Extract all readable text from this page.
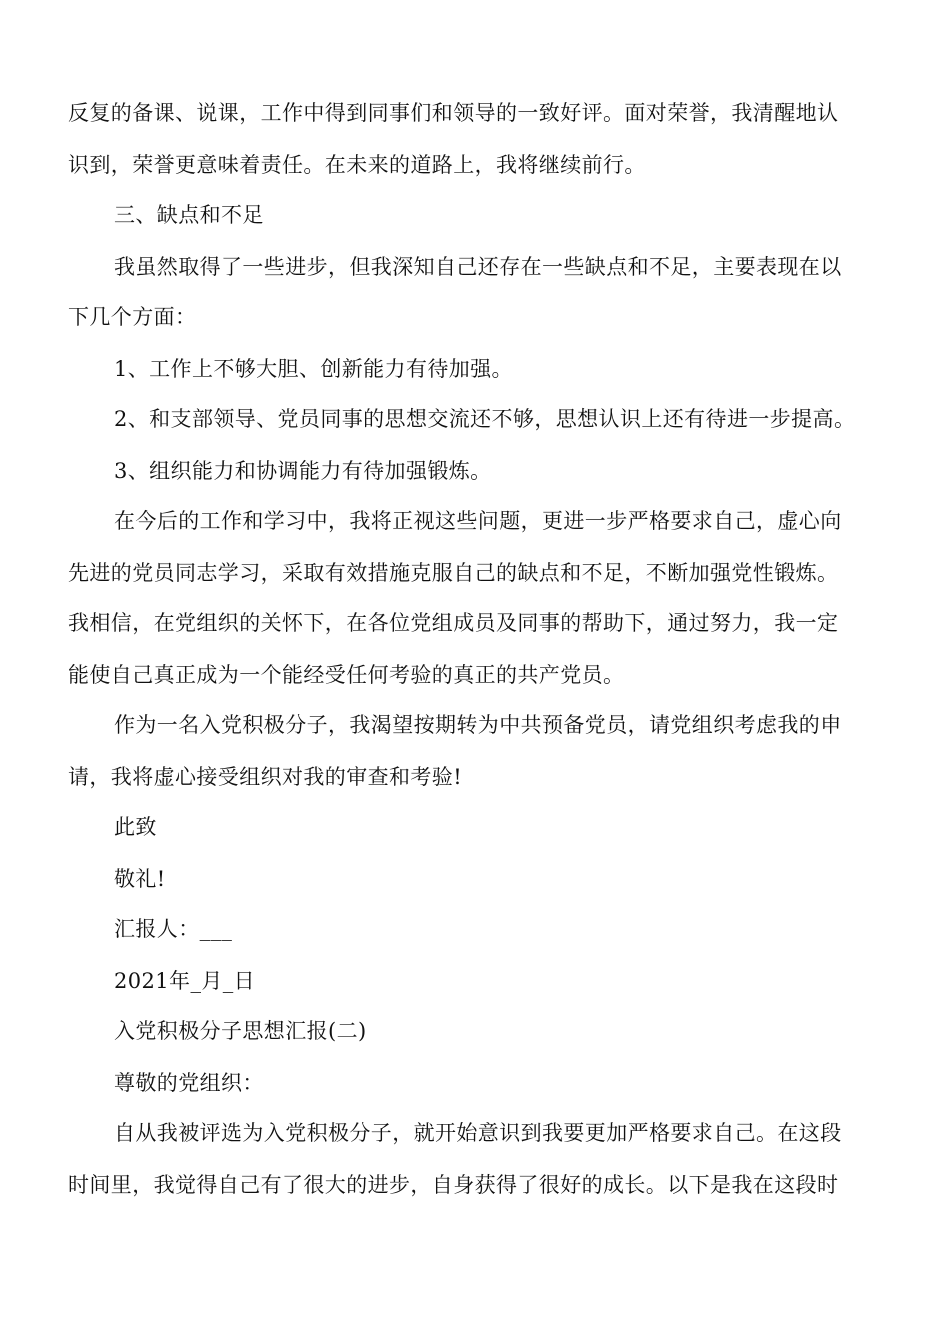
反复的备课、说课，工作中得到同事们和领导的一致好评。面对荣誉，我清醒地认
识到，荣誉更意味着责任。在未来的道路上，我将继续前行。
三、缺点和不足
我虽然取得了一些进步，但我深知自己还存在一些缺点和不足，主要表现在以
下几个方面：
1、工作上不够大胆、创新能力有待加强。
2、和支部领导、党员同事的思想交流还不够，思想认识上还有待进一步提高。
3、组织能力和协调能力有待加强锻炼。
在今后的工作和学习中，我将正视这些问题，更进一步严格要求自己，虚心向
先进的党员同志学习，采取有效措施克服自己的缺点和不足，不断加强党性锻炼。
我相信，在党组织的关怀下，在各位党组成员及同事的帮助下，通过努力，我一定
能使自己真正成为一个能经受任何考验的真正的共产党员。
作为一名入党积极分子，我渴望按期转为中共预备党员，请党组织考虑我的申
请，我将虚心接受组织对我的审查和考验!
此致
敬礼!
汇报人：___
2021年_月_日
入党积极分子思想汇报(二)
尊敬的党组织：
自从我被评选为入党积极分子，就开始意识到我要更加严格要求自己。在这段
时间里，我觉得自己有了很大的进步，自身获得了很好的成长。以下是我在这段时
